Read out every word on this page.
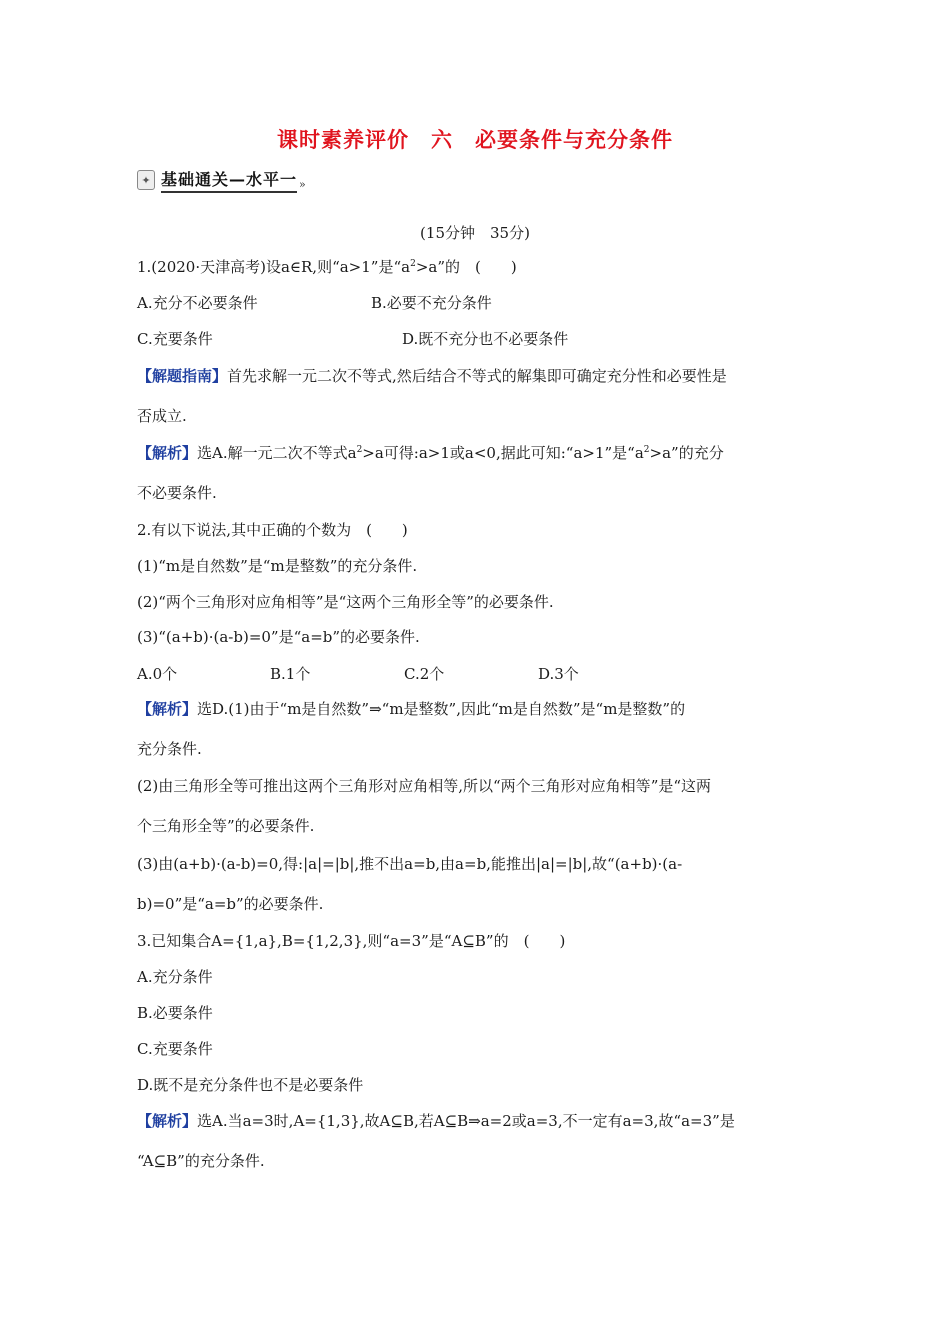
课时素养评价　六　必要条件与充分条件
✦ 基础通关—水平一 »
(15分钟　35分)
1.(2020·天津高考)设a∈R,则“a>1”是“$a^2>a$”的　(　　)
A.充分不必要条件	B.必要不充分条件
C.充要条件	D.既不充分也不必要条件
【解题指南】首先求解一元二次不等式,然后结合不等式的解集即可确定充分性和必要性是
否成立.
【解析】选A.解一元二次不等式$a^2>a$可得:a>1或a<0,据此可知:“a>1”是“$a^2>a$”的充分
不必要条件.
2.有以下说法,其中正确的个数为　(　　)
(1)“m是自然数”是“m是整数”的充分条件.
(2)“两个三角形对应角相等”是“这两个三角形全等”的必要条件.
(3)“(a+b)·(a-b)=0”是“a=b”的必要条件.
A.0个	B.1个	C.2个	D.3个
【解析】选D.(1)由于“m是自然数”⇒“m是整数”,因此“m是自然数”是“m是整数”的
充分条件.
(2)由三角形全等可推出这两个三角形对应角相等,所以“两个三角形对应角相等”是“这两
个三角形全等”的必要条件.
(3)由(a+b)·(a-b)=0,得:|a|=|b|,推不出a=b,由a=b,能推出|a|=|b|,故“(a+b)·(a-
b)=0”是“a=b”的必要条件.
3.已知集合A={1,a},B={1,2,3},则“a=3”是“A⊆B”的　(　　)
A.充分条件
B.必要条件
C.充要条件
D.既不是充分条件也不是必要条件
【解析】选A.当a=3时,A={1,3},故A⊆B,若A⊆B⇒a=2或a=3,不一定有a=3,故“a=3”是
“A⊆B”的充分条件.
